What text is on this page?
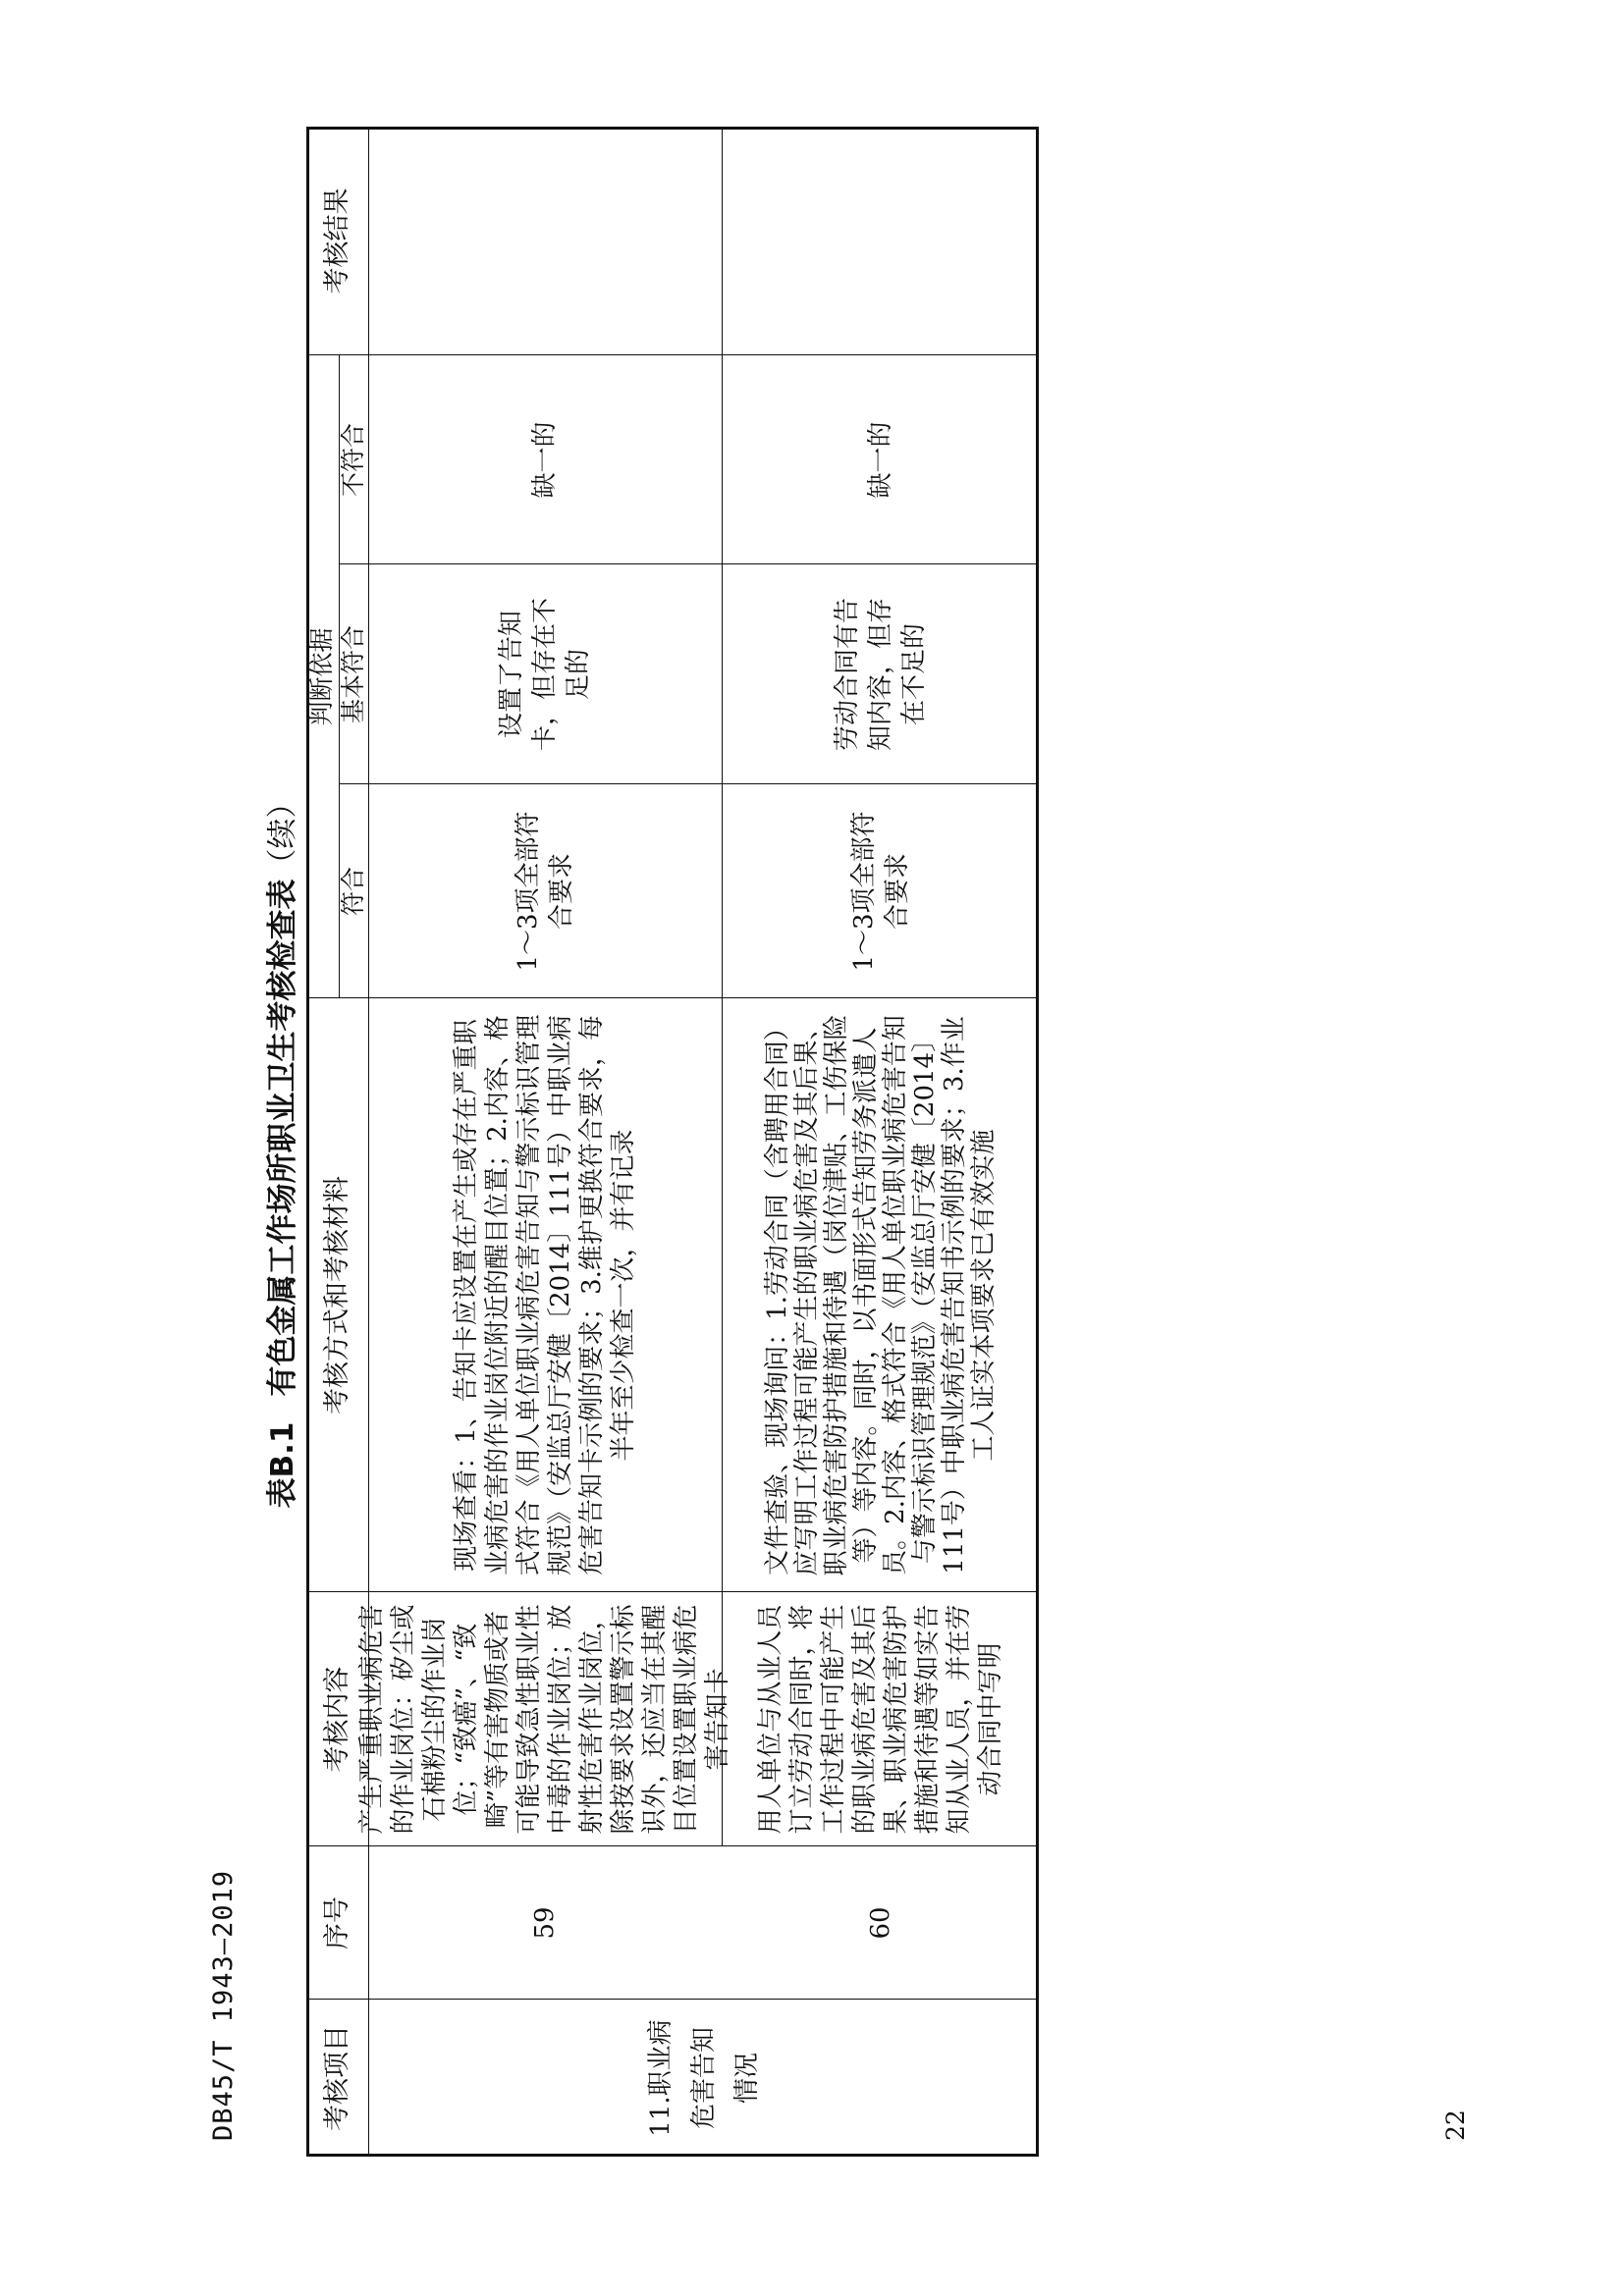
DB45/T 1943—2019	22
表B.1有色金属工作场所职业卫生考核检查表（续）
考核项目
序号
考核内容
考核方式和考核材料
判断依据
符合
基本符合
不符合
考核结果
11.职业病危害告知情况
59
产生严重职业病危害的作业岗位：矽尘或石棉粉尘的作业岗位；“致癌”、“致畸”等有害物质或者可能导致急性职业性中毒的作业岗位；放射性危害作业岗位，除按要求设置警示标识外，还应当在其醒目位置设置职业病危害告知卡
现场查看：1、告知卡应设置在产生或存在严重职业病危害的作业岗位附近的醒目位置；2.内容、格式符合《用人单位职业病危害告知与警示标识管理规范》（安监总厅安健〔2014〕111号）中职业病危害告知卡示例的要求；3.维护更换符合要求，每半年至少检查一次，并有记录
1～3项全部符合要求
设置了告知卡，但存在不足的
缺一的
60
用人单位与从业人员订立劳动合同时，将工作过程中可能产生的职业病危害及其后果、职业病危害防护措施和待遇等如实告知从业人员，并在劳动合同中写明
文件查验、现场询问：1.劳动合同（含聘用合同）应写明工作过程可能产生的职业病危害及其后果、职业病危害防护措施和待遇（岗位津贴、工伤保险等）等内容。同时，以书面形式告知劳务派遣人员。2.内容、格式符合《用人单位职业病危害告知与警示标识管理规范》（安监总厅安健〔2014〕111号）中职业病危害告知书示例的要求；3.作业工人证实本项要求已有效实施
1～3项全部符合要求
劳动合同有告知内容，但存在不足的
缺一的
